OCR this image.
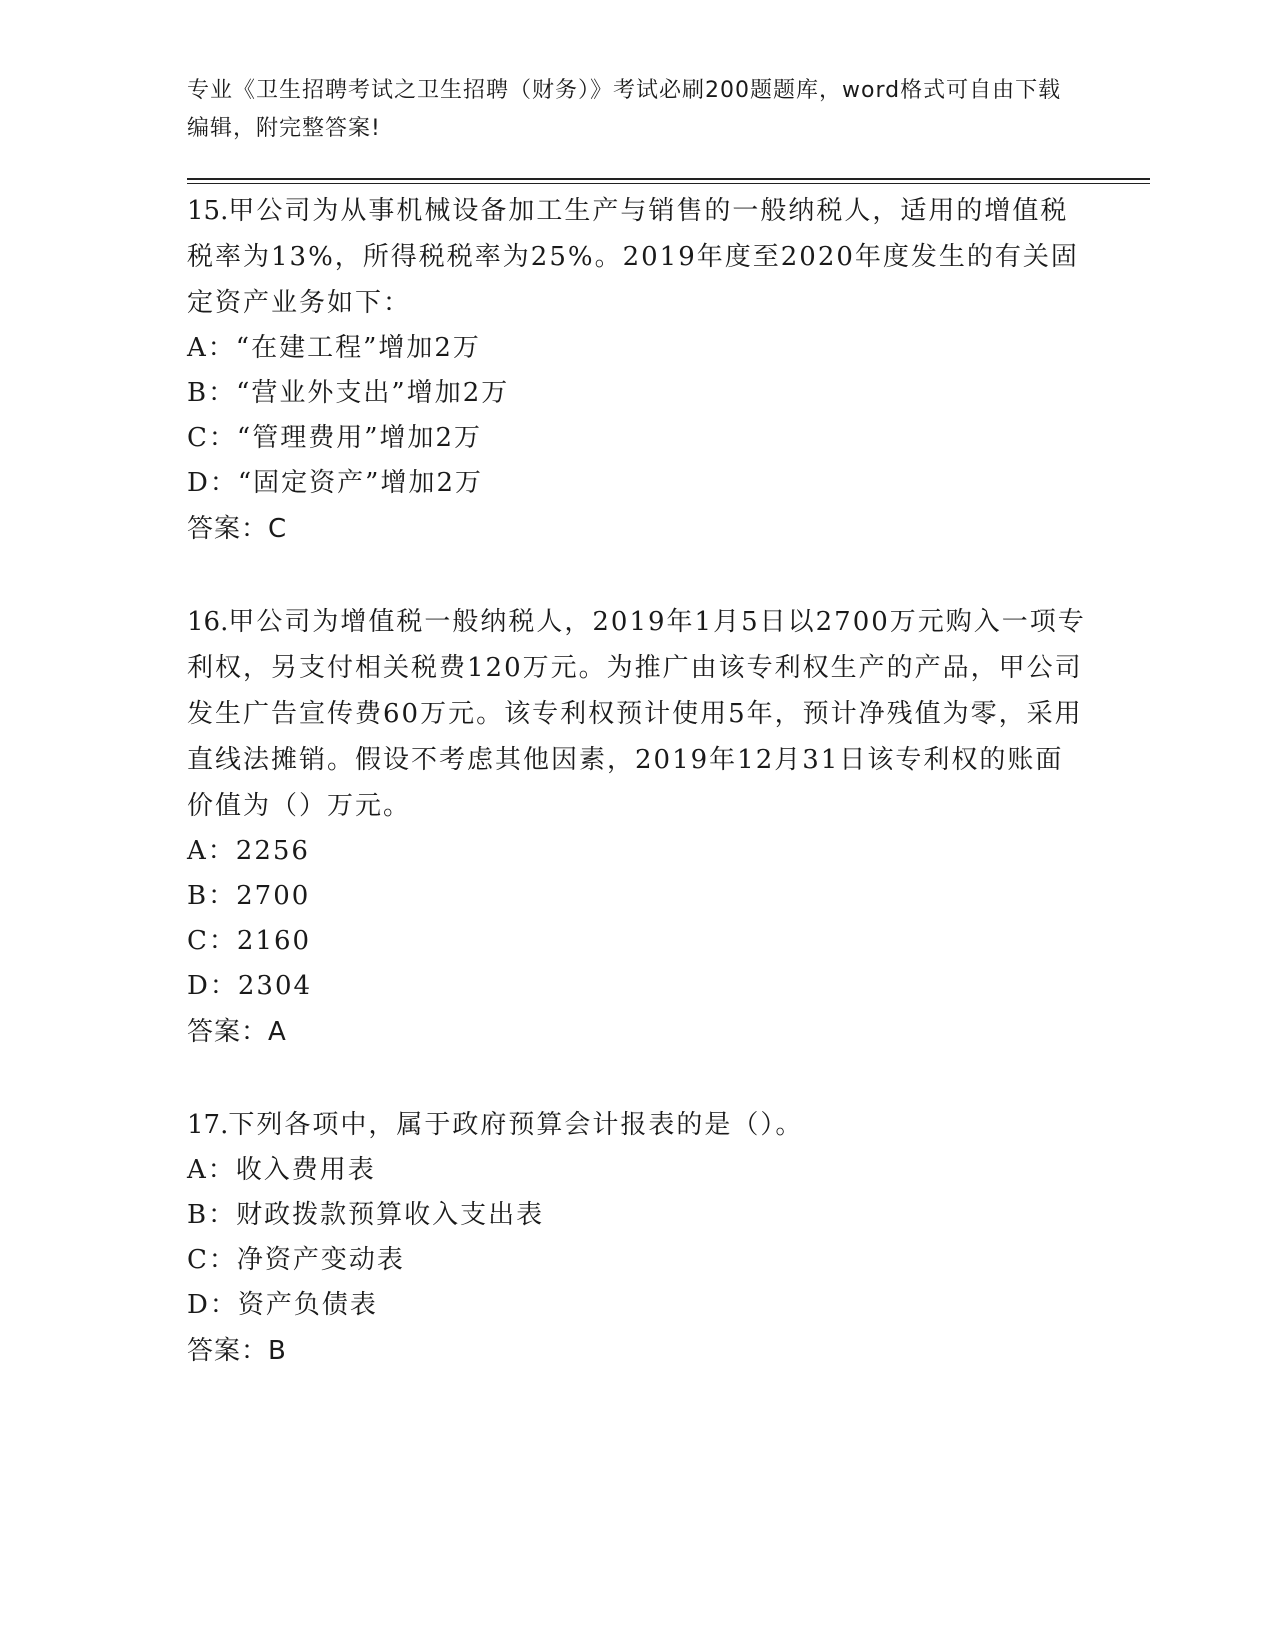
专业《卫生招聘考试之卫生招聘（财务）》考试必刷200题题库，word格式可自由下载编辑，附完整答案!
15.甲公司为从事机械设备加工生产与销售的一般纳税人，适用的增值税税率为13%，所得税税率为25%。2019年度至2020年度发生的有关固定资产业务如下：
A：“在建工程”增加2万
B：“营业外支出”增加2万
C：“管理费用”增加2万
D：“固定资产”增加2万
答案：C
16.甲公司为增值税一般纳税人，2019年1月5日以2700万元购入一项专利权，另支付相关税费120万元。为推广由该专利权生产的产品，甲公司发生广告宣传费60万元。该专利权预计使用5年，预计净残值为零，采用直线法摊销。假设不考虑其他因素，2019年12月31日该专利权的账面价值为（）万元。
A：2256
B：2700
C：2160
D：2304
答案：A
17.下列各项中，属于政府预算会计报表的是（）。
A：收入费用表
B：财政拨款预算收入支出表
C：净资产变动表
D：资产负债表
答案：B
